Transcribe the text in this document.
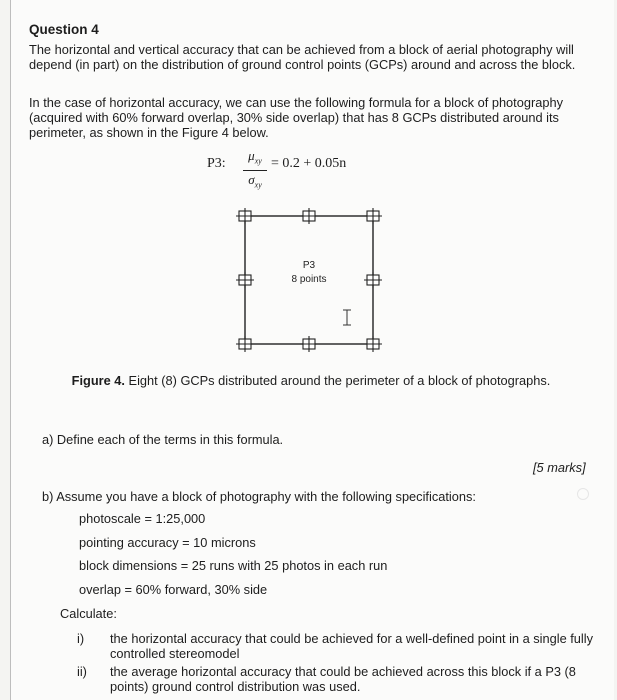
Question 4
The horizontal and vertical accuracy that can be achieved from a block of aerial photography will depend (in part) on the distribution of ground control points (GCPs) around and across the block.
In the case of horizontal accuracy, we can use the following formula for a block of photography (acquired with 60% forward overlap, 30% side overlap) that has 8 GCPs distributed around its perimeter, as shown in the Figure 4 below.
P3:
$\mu_{xy}$
$\sigma_{xy}$
= 0.2 + 0.05n
P3
8 points
Figure 4. Eight (8) GCPs distributed around the perimeter of a block of photographs.
a) Define each of the terms in this formula.
[5 marks]
b) Assume you have a block of photography with the following specifications:
photoscale = 1:25,000
pointing accuracy = 10 microns
block dimensions = 25 runs with 25 photos in each run
overlap = 60% forward, 30% side
Calculate:
i) the horizontal accuracy that could be achieved for a well-defined point in a single fully controlled stereomodel
ii) the average horizontal accuracy that could be achieved across this block if a P3 (8 points) ground control distribution was used.
